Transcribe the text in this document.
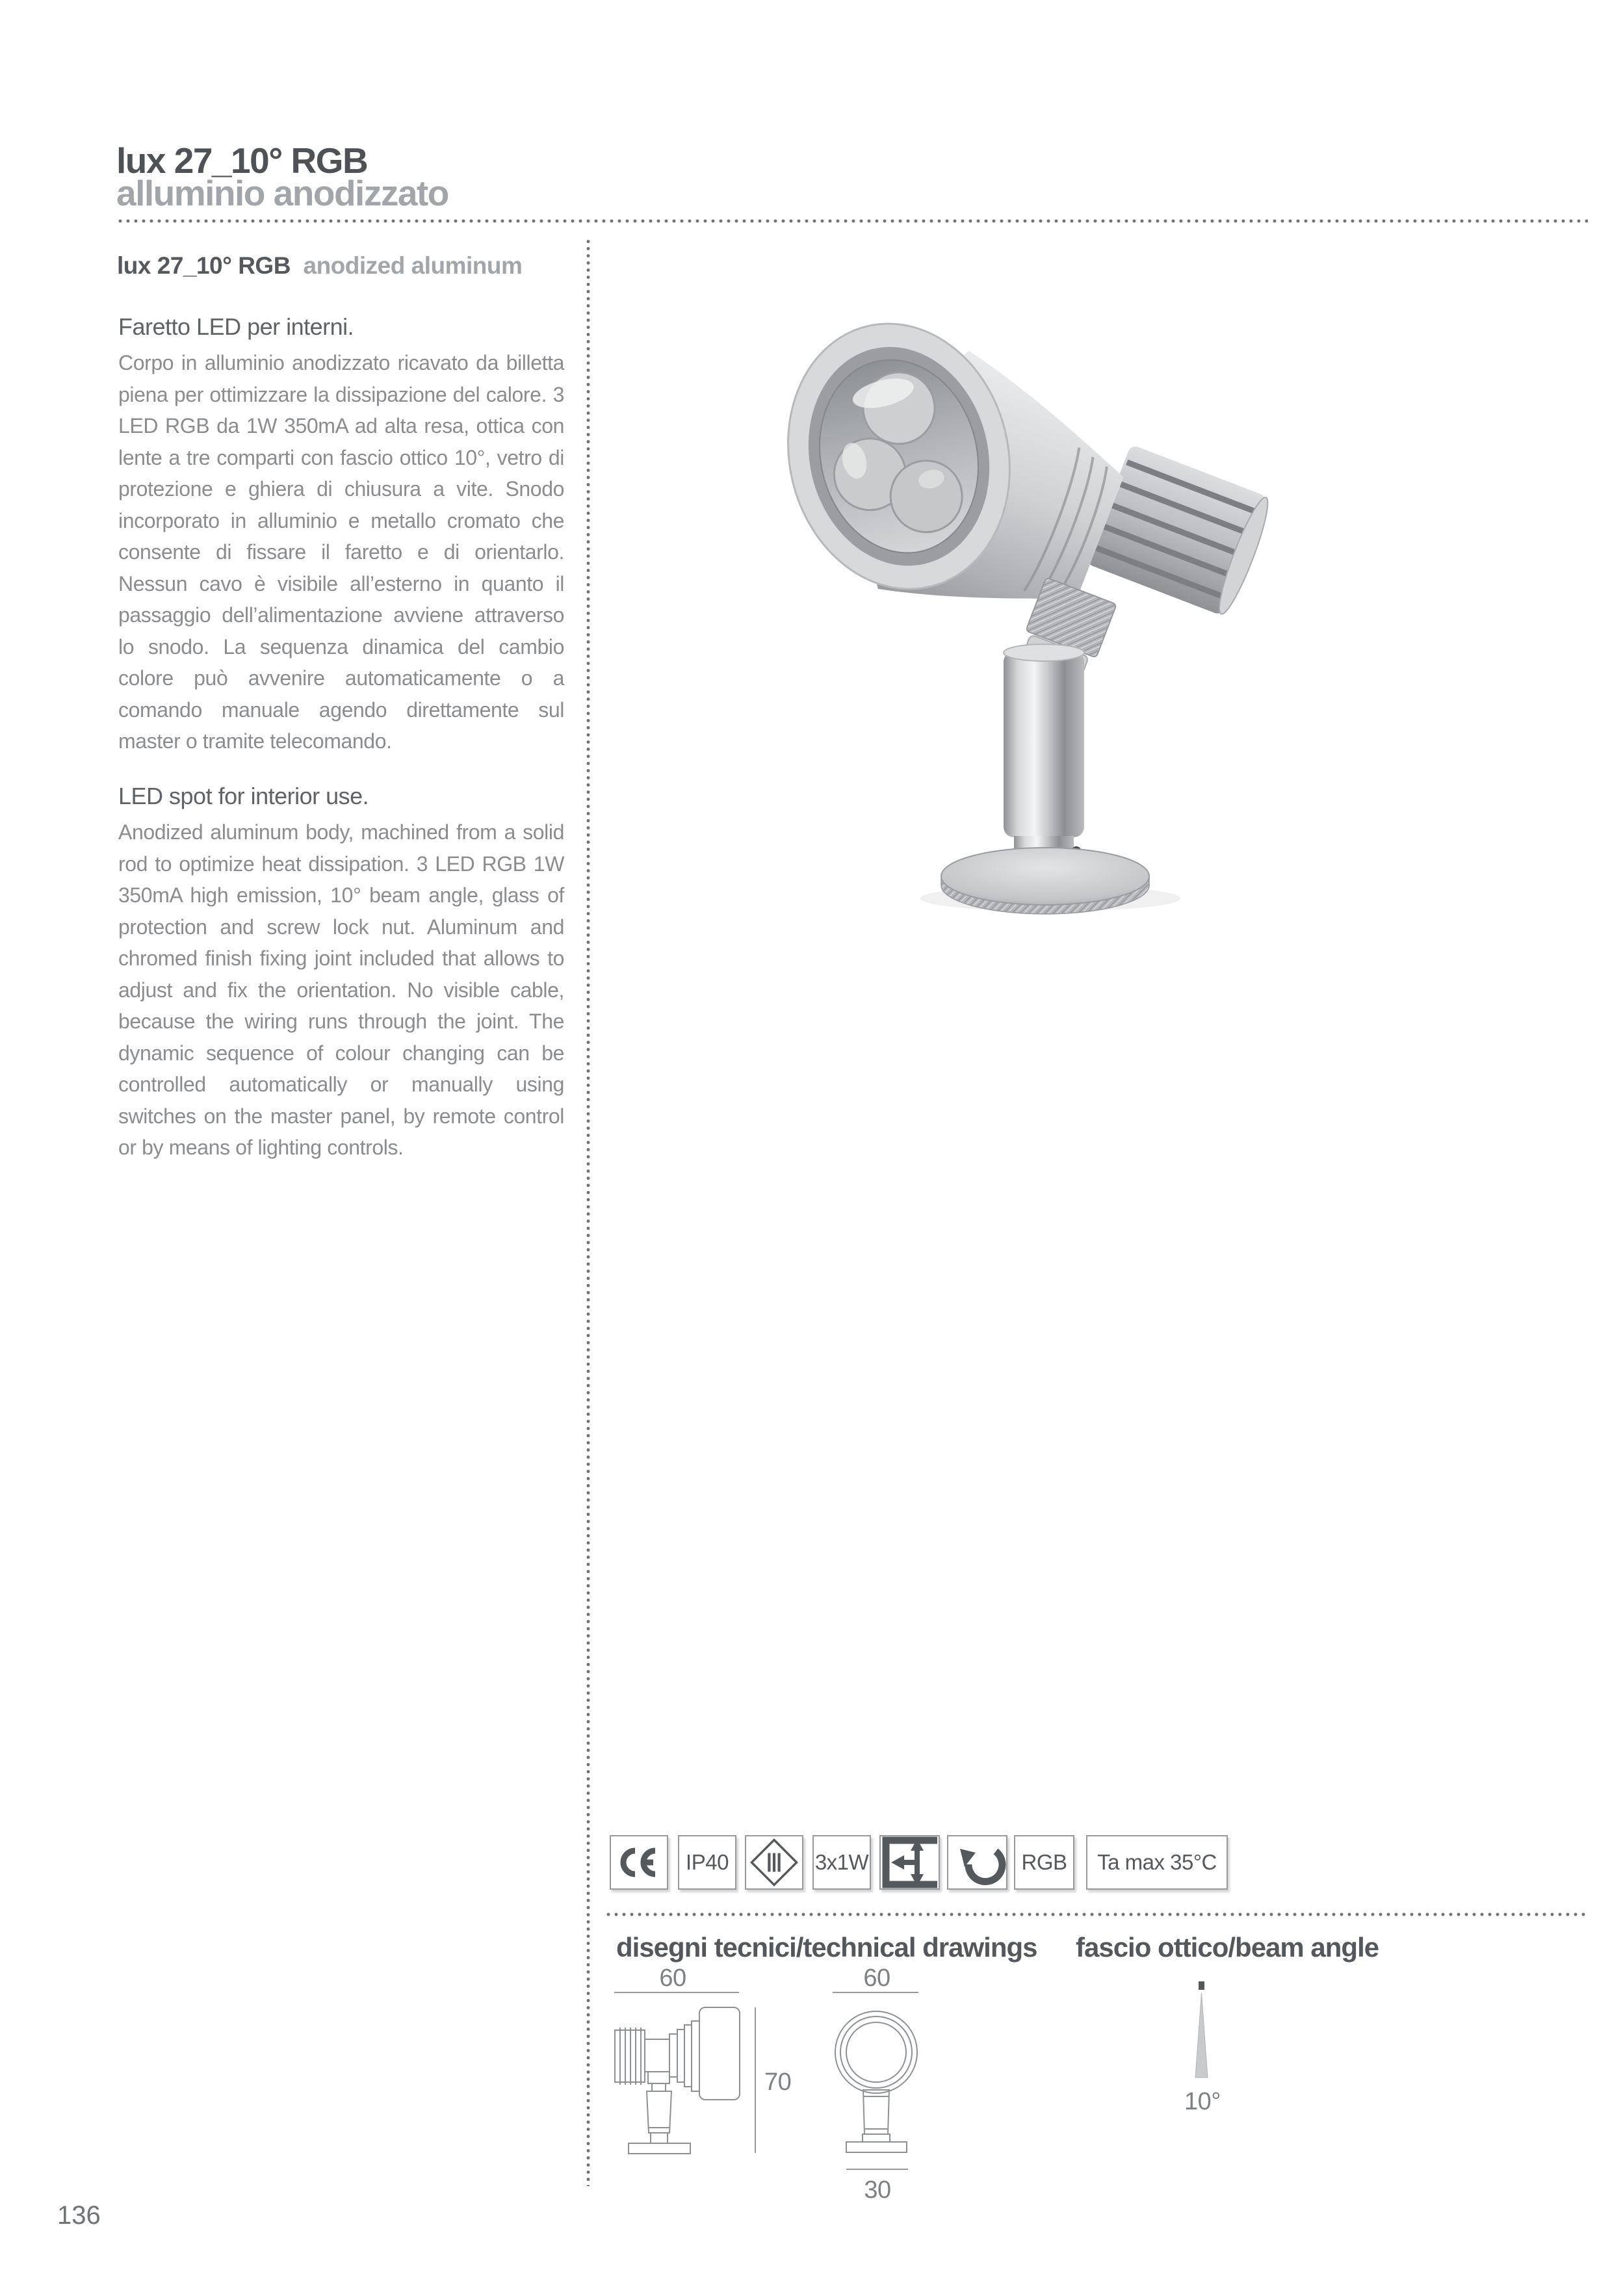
lux 27_10° RGB
alluminio anodizzato
lux 27_10° RGB anodized aluminum
Faretto LED per interni.
Corpo in alluminio anodizzato ricavato da billetta piena per ottimizzare la dissipazione del calore. 3 LED RGB da 1W 350mA ad alta resa, ottica con lente a tre comparti con fascio ottico 10°, vetro di protezione e ghiera di chiusura a vite. Snodo incorporato in alluminio e metallo cromato che consente di fissare il faretto e di orientarlo. Nessun cavo è visibile all’esterno in quanto il passaggio dell’alimentazione avviene attraverso lo snodo. La sequenza dinamica del cambio colore può avvenire automaticamente o a comando manuale agendo direttamente sul master o tramite telecomando.
LED spot for interior use.
Anodized aluminum body, machined from a solid rod to optimize heat dissipation. 3 LED RGB 1W 350mA high emission, 10° beam angle, glass of protection and screw lock nut. Aluminum and chromed finish fixing joint included that allows to adjust and fix the orientation. No visible cable, because the wiring runs through the joint. The dynamic sequence of colour changing can be controlled automatically or manually using switches on the master panel, by remote control or by means of lighting controls.
IP40	3x1W	RGB Ta max 35°C
disegni tecnici/technical drawings fascio ottico/beam angle
60
70
60
30
10°
136
